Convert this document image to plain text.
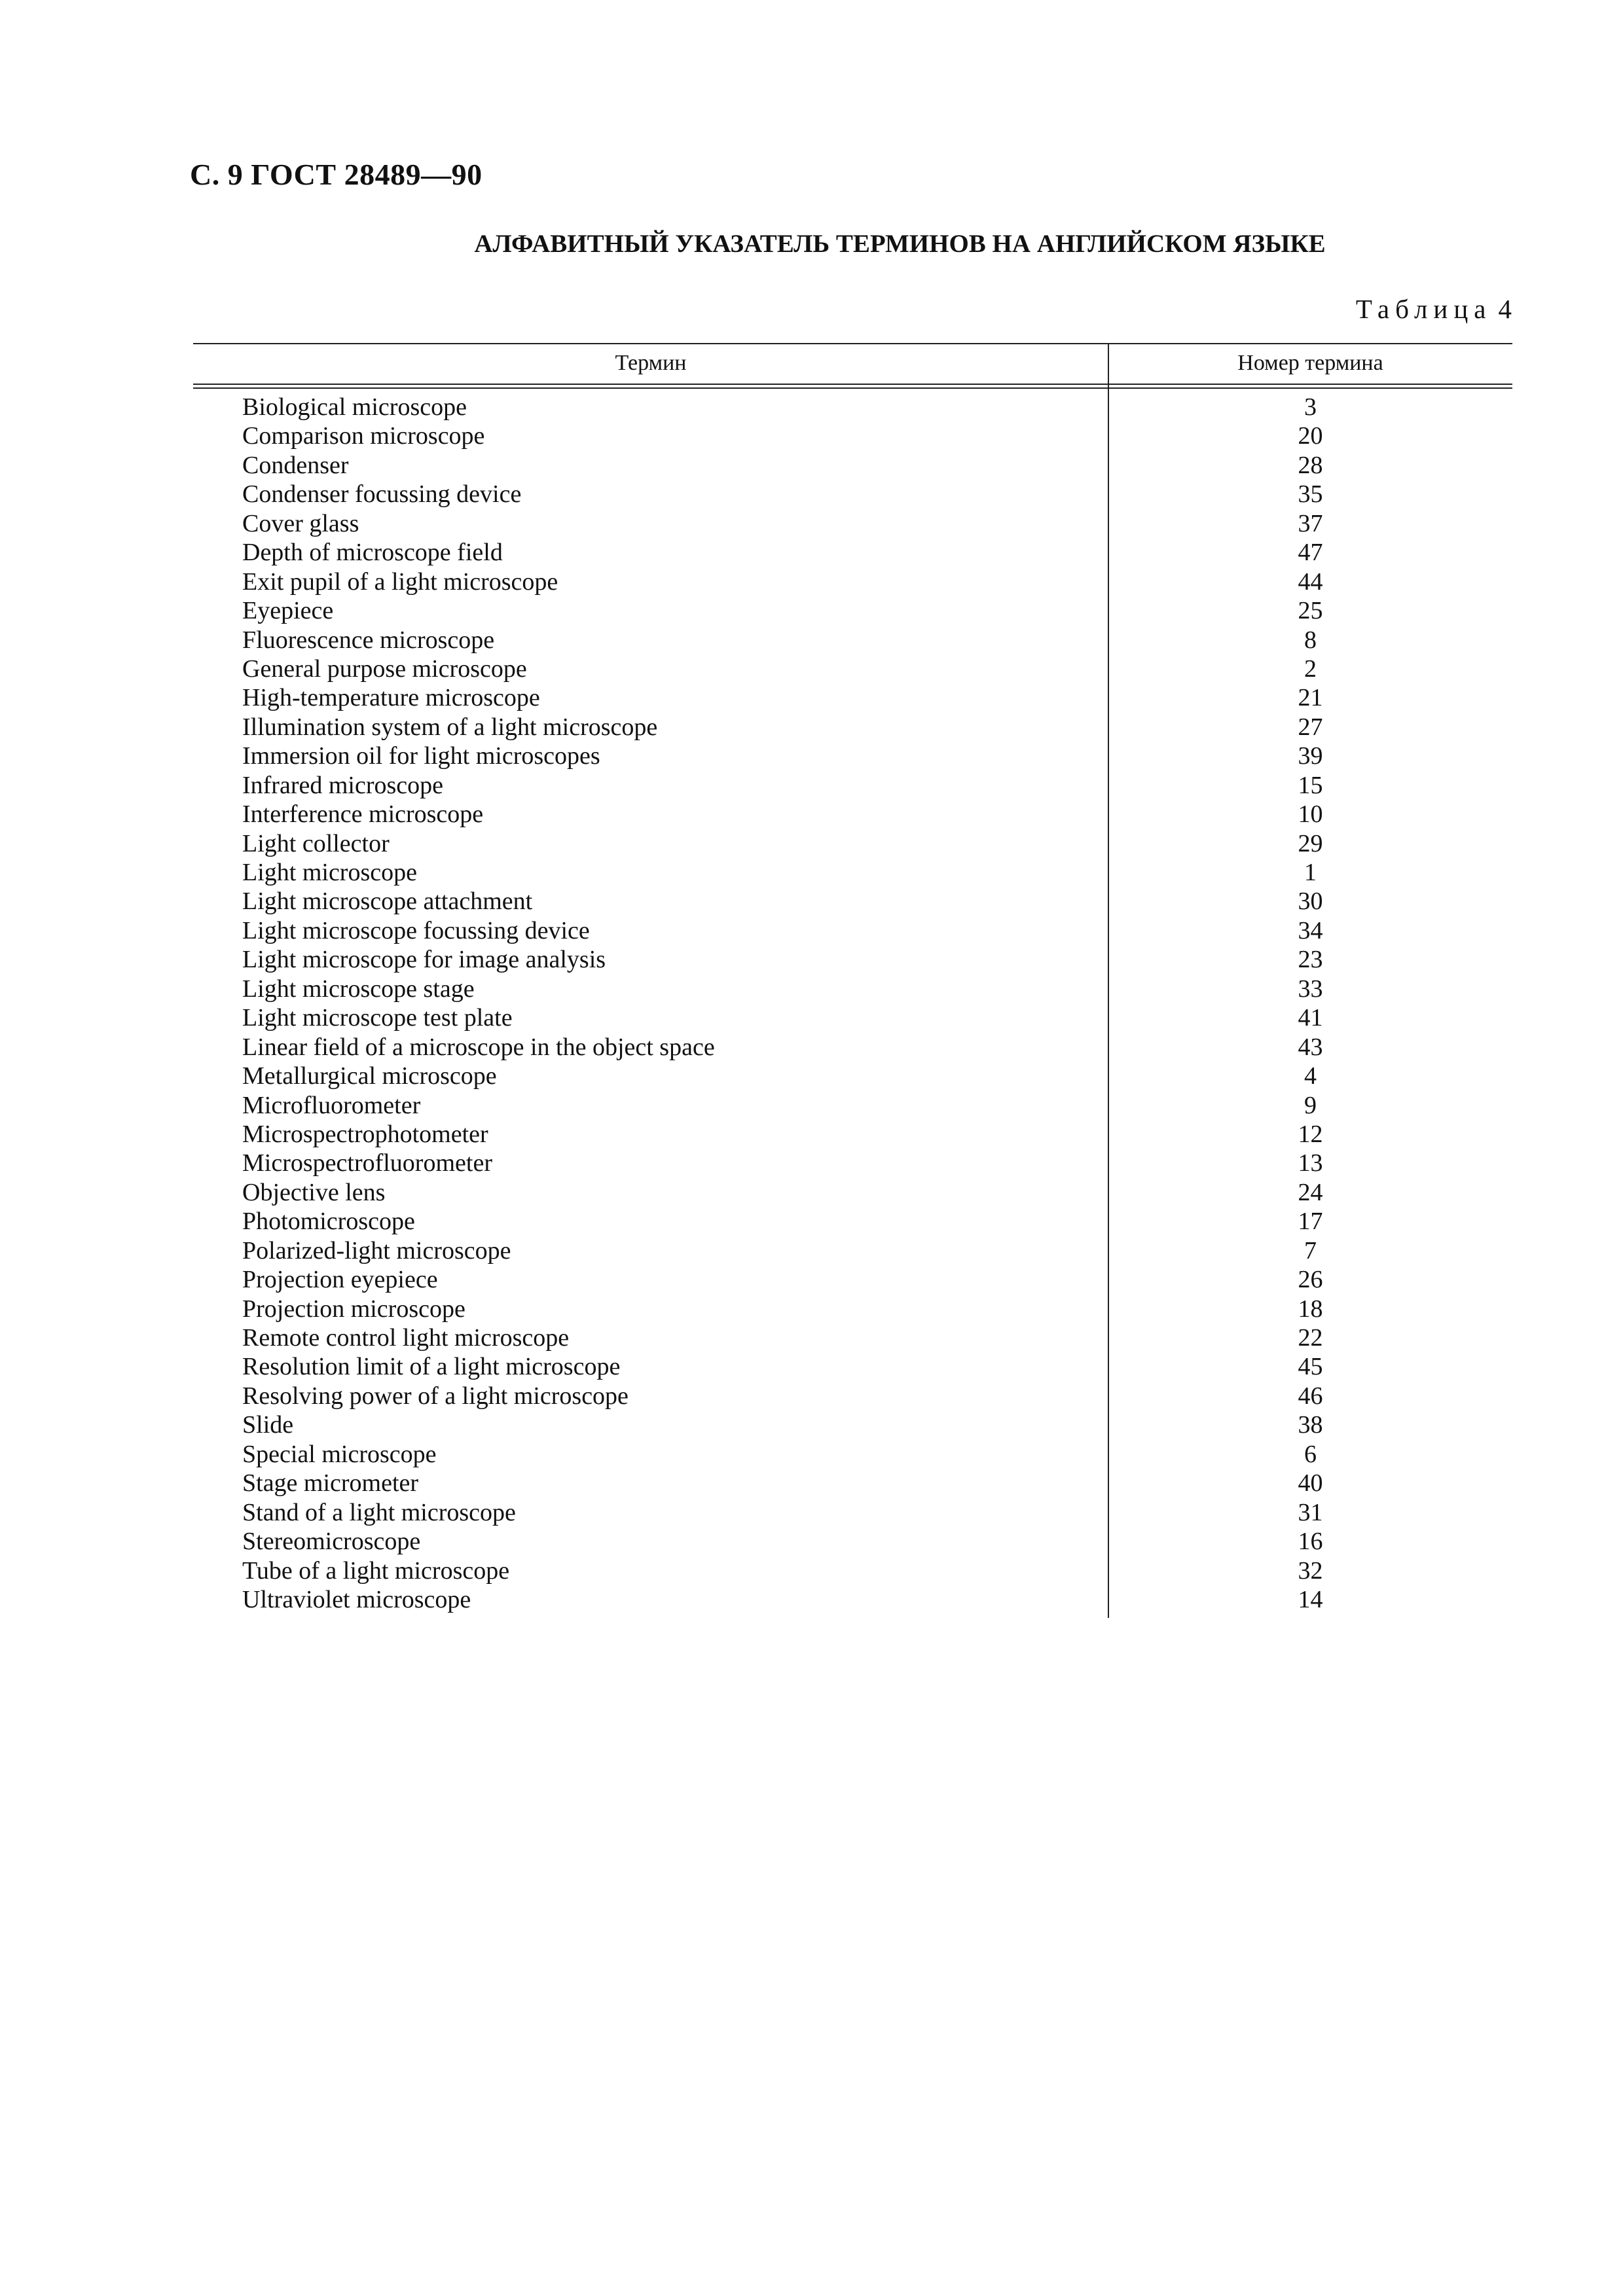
С. 9 ГОСТ 28489—90
АЛФАВИТНЫЙ УКАЗАТЕЛЬ ТЕРМИНОВ НА АНГЛИЙСКОМ ЯЗЫКЕ
Таблица 4
Термин	Номер термина
Biological microscope	3
Comparison microscope	20
Condenser	28
Condenser focussing device	35
Cover glass	37
Depth of microscope field	47
Exit pupil of a light microscope	44
Eyepiece	25
Fluorescence microscope	8
General purpose microscope	2
High-temperature microscope	21
Illumination system of a light microscope	27
Immersion oil for light microscopes	39
Infrared microscope	15
Interference microscope	10
Light collector	29
Light microscope	1
Light microscope attachment	30
Light microscope focussing device	34
Light microscope for image analysis	23
Light microscope stage	33
Light microscope test plate	41
Linear field of a microscope in the object space	43
Metallurgical microscope	4
Microfluorometer	9
Microspectrophotometer	12
Microspectrofluorometer	13
Objective lens	24
Photomicroscope	17
Polarized-light microscope	7
Projection eyepiece	26
Projection microscope	18
Remote control light microscope	22
Resolution limit of a light microscope	45
Resolving power of a light microscope	46
Slide	38
Special microscope	6
Stage micrometer	40
Stand of a light microscope	31
Stereomicroscope	16
Tube of a light microscope	32
Ultraviolet microscope	14
